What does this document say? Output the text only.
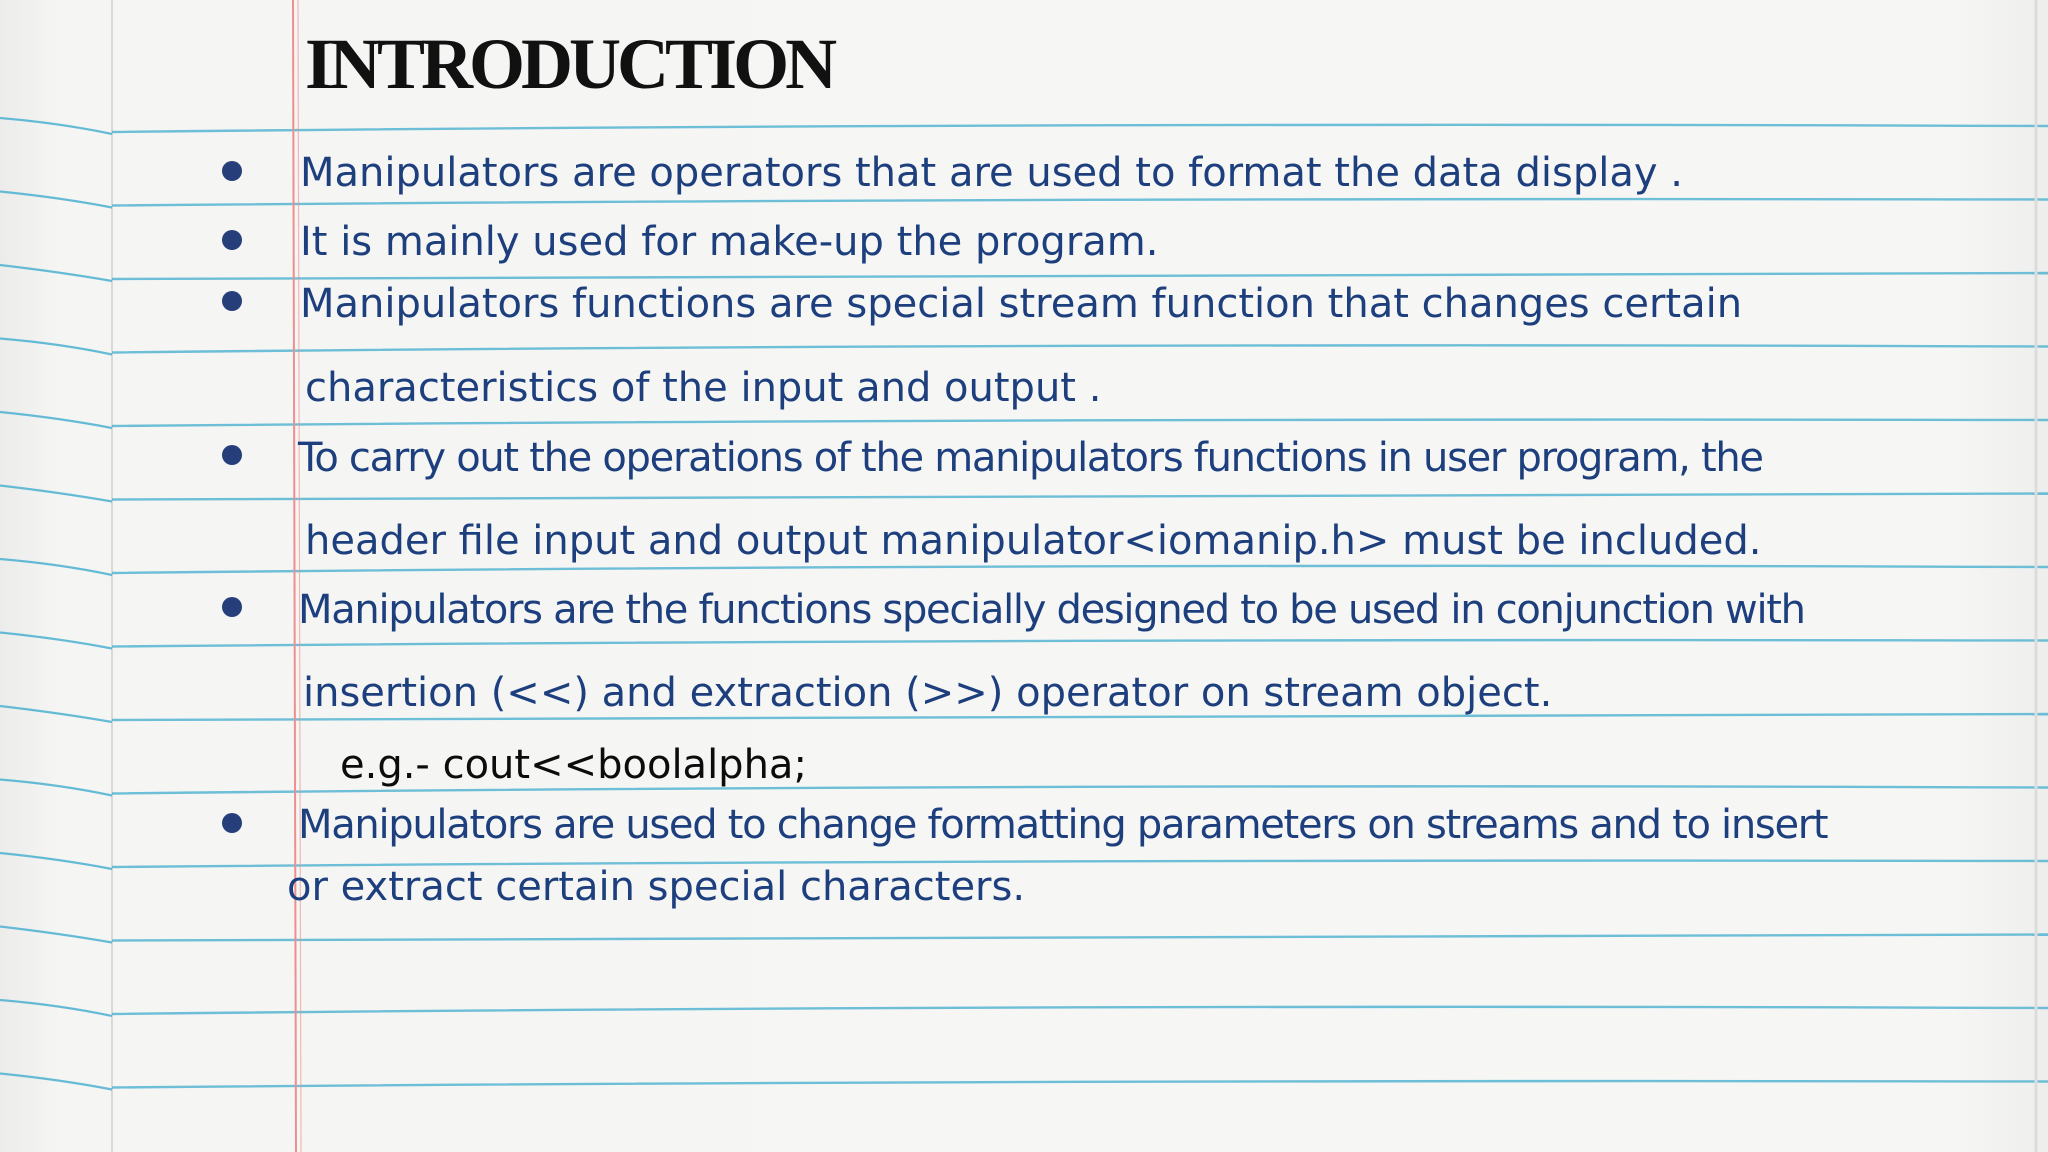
INTRODUCTION

Manipulators are operators that are used to format the data display .

It is mainly used for make-up the program.

Manipulators functions are special stream function that changes certain

characteristics of the input and output .

To carry out the operations of the manipulators functions in user program, the

header file input and output manipulator<iomanip.h> must be included.

Manipulators are the functions specially designed to be used in conjunction with

insertion (<<) and extraction (>>) operator on stream object.

e.g.- cout<<boolalpha;

Manipulators are used to change formatting parameters on streams and to insert

or extract certain special characters.
